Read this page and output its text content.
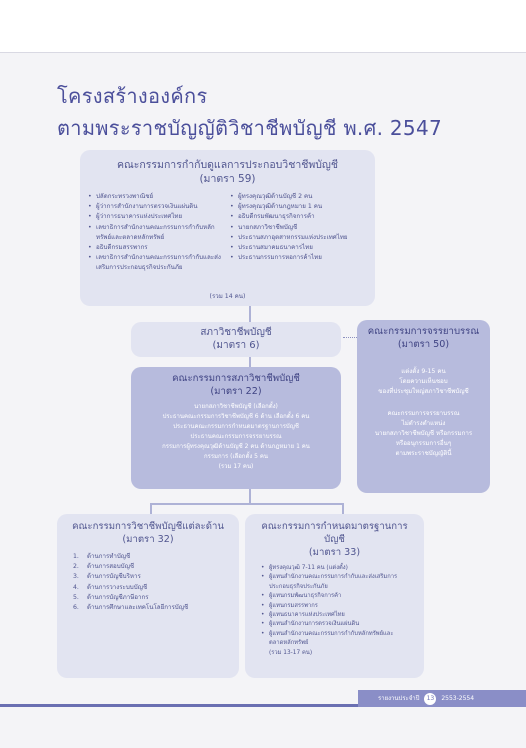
โครงสร้างองค์กร
ตามพระราชบัญญัติวิชาชีพบัญชี พ.ศ. 2547
คณะกรรมการกำกับดูแลการประกอบวิชาชีพบัญชี
(มาตรา 59)
• ปลัดกระทรวงพาณิชย์
• ผู้ว่าการสำนักงานการตรวจเงินแผ่นดิน
• ผู้ว่าการธนาคารแห่งประเทศไทย
• เลขาธิการสำนักงานคณะกรรมการกำกับหลักทรัพย์และตลาดหลักทรัพย์
• อธิบดีกรมสรรพากร
• เลขาธิการสำนักงานคณะกรรมการกำกับและส่งเสริมการประกอบธุรกิจประกันภัย
• ผู้ทรงคุณวุฒิด้านบัญชี 2 คน
• ผู้ทรงคุณวุฒิด้านกฎหมาย 1 คน
• อธิบดีกรมพัฒนาธุรกิจการค้า
• นายกสภาวิชาชีพบัญชี
• ประธานสภาอุตสาหกรรมแห่งประเทศไทย
• ประธานสมาคมธนาคารไทย
• ประธานกรรมการหอการค้าไทย
(รวม 14 คน)
สภาวิชาชีพบัญชี
(มาตรา 6)
คณะกรรมการจรรยาบรรณ
(มาตรา 50)
แต่งตั้ง 9-15 คน
โดยความเห็นชอบ
ของที่ประชุมใหญ่สภาวิชาชีพบัญชี
คณะกรรมการจรรยาบรรณ
ไม่ดำรงตำแหน่ง
นายกสภาวิชาชีพบัญชี หรือกรรมการ
หรืออนุกรรมการอื่นๆ
ตามพระราชบัญญัตินี้
คณะกรรมการสภาวิชาชีพบัญชี
(มาตรา 22)
นายกสภาวิชาชีพบัญชี (เลือกตั้ง)
ประธานคณะกรรมการวิชาชีพบัญชี 6 ด้าน เลือกตั้ง 6 คน
ประธานคณะกรรมการกำหนดมาตรฐานการบัญชี
ประธานคณะกรรมการจรรยาบรรณ
กรรมการผู้ทรงคุณวุฒิด้านบัญชี 2 คน ด้านกฎหมาย 1 คน
กรรมการ (เลือกตั้ง 5 คน
(รวม 17 คน)
คณะกรรมการวิชาชีพบัญชีแต่ละด้าน
(มาตรา 32)
1. ด้านการทำบัญชี
2. ด้านการสอบบัญชี
3. ด้านการบัญชีบริหาร
4. ด้านการวางระบบบัญชี
5. ด้านการบัญชีภาษีอากร
6. ด้านการศึกษาและเทคโนโลยีการบัญชี
คณะกรรมการกำหนดมาตรฐานการบัญชี
(มาตรา 33)
• ผู้ทรงคุณวุฒิ 7-11 คน (แต่งตั้ง)
• ผู้แทนสำนักงานคณะกรรมการกำกับและส่งเสริมการประกอบธุรกิจประกันภัย
• ผู้แทนกรมพัฒนาธุรกิจการค้า
• ผู้แทนกรมสรรพากร
• ผู้แทนธนาคารแห่งประเทศไทย
• ผู้แทนสำนักงานการตรวจเงินแผ่นดิน
• ผู้แทนสำนักงานคณะกรรมการกำกับหลักทรัพย์และตลาดหลักทรัพย์
(รวม 13-17 คน)
รายงานประจำปี 13 2553-2554
